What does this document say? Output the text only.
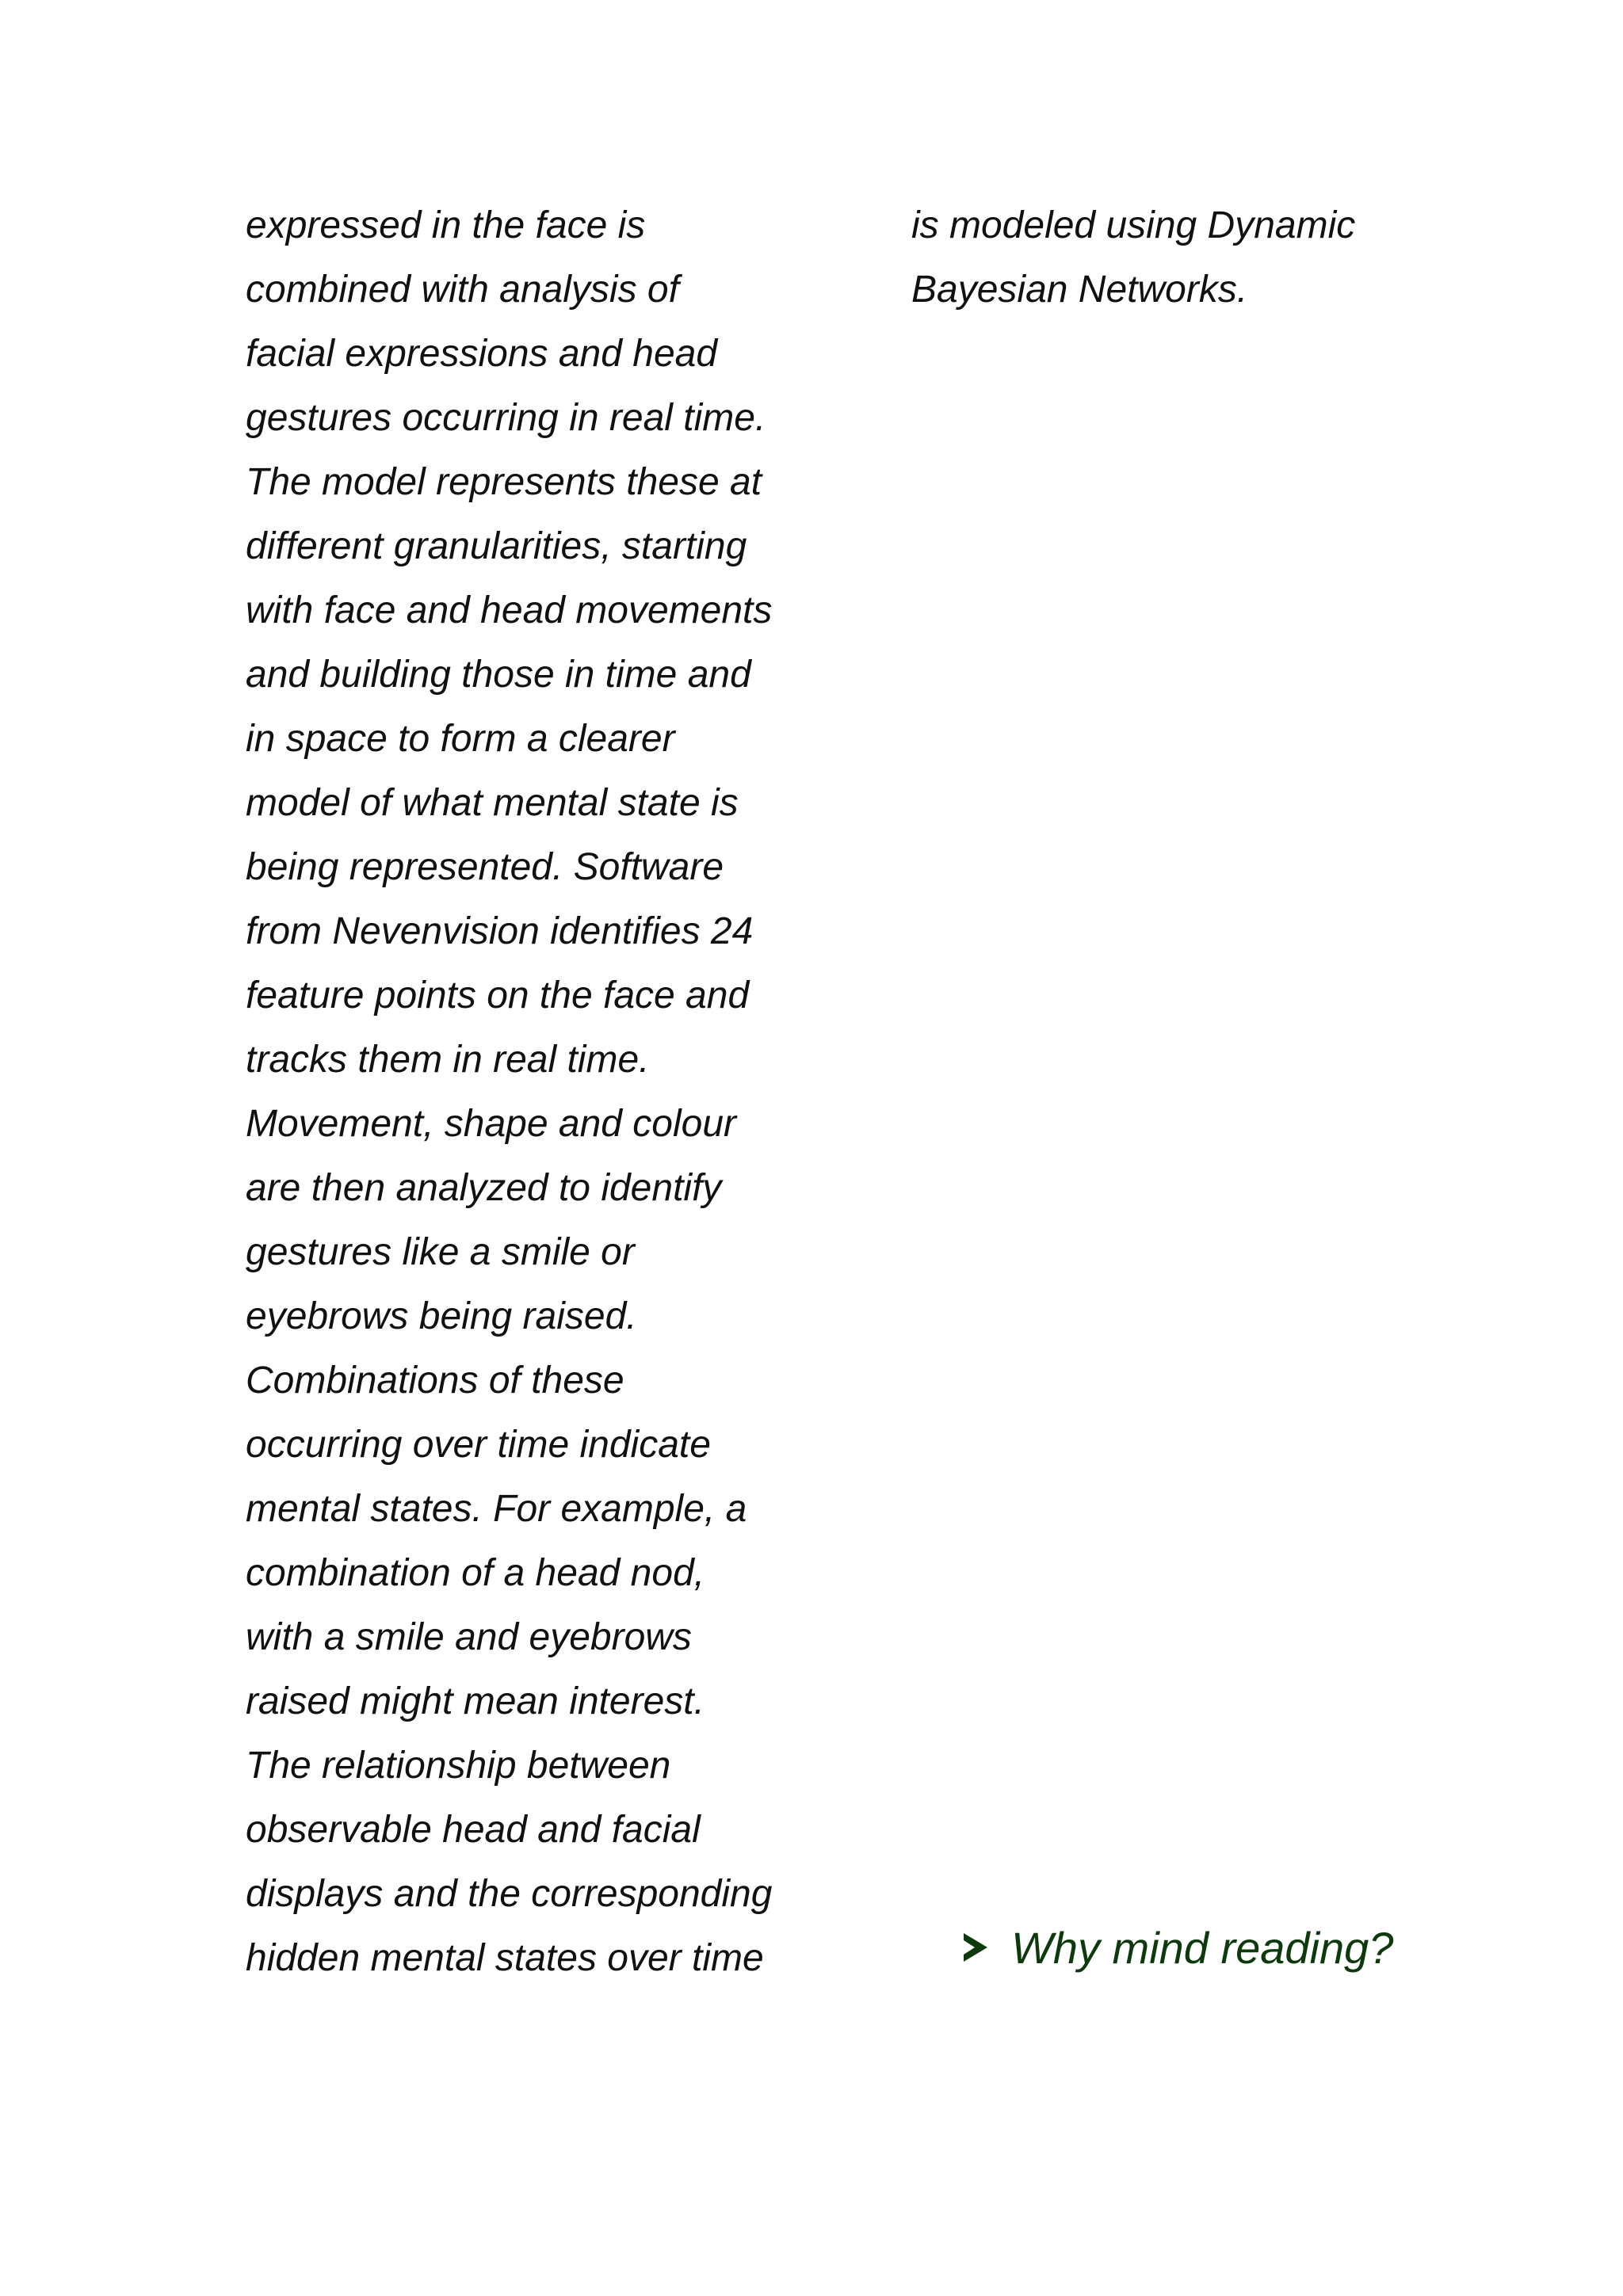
expressed in the face is
combined with analysis of
facial expressions and head
gestures occurring in real time.
The model represents these at
different granularities, starting
with face and head movements
and building those in time and
in space to form a clearer
model of what mental state is
being represented. Software
from Nevenvision identifies 24
feature points on the face and
tracks them in real time.
Movement, shape and colour
are then analyzed to identify
gestures like a smile or
eyebrows being raised.
Combinations of these
occurring over time indicate
mental states. For example, a
combination of a head nod,
with a smile and eyebrows
raised might mean interest.
The relationship between
observable head and facial
displays and the corresponding
hidden mental states over time
is modeled using Dynamic
Bayesian Networks.
Why mind reading?
